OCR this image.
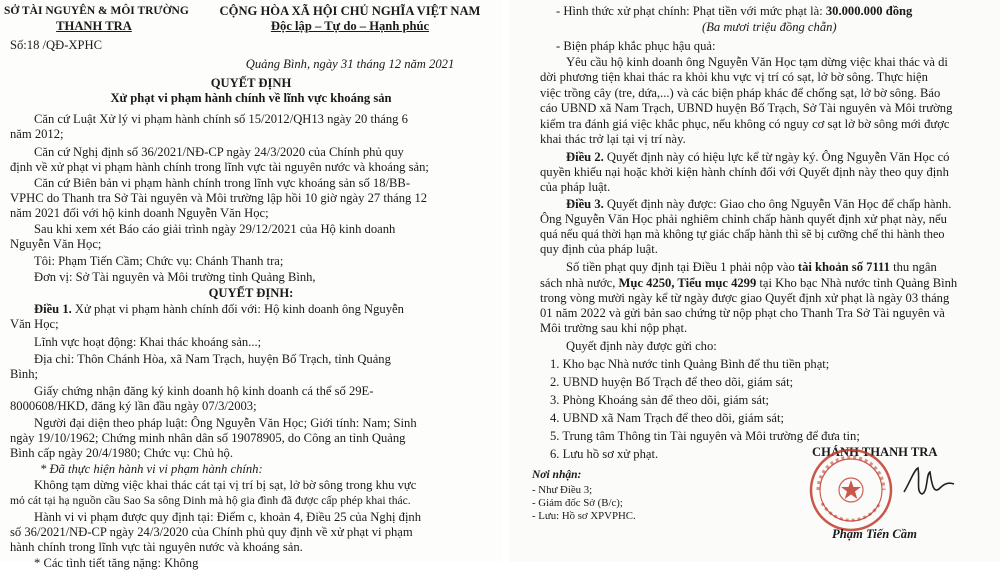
SỞ TÀI NGUYÊN & MÔI TRƯỜNG
THANH TRA
Số:18 /QĐ-XPHC
CỘNG HÒA XÃ HỘI CHỦ NGHĨA VIỆT NAM
Độc lập – Tự do – Hạnh phúc
Quảng Bình, ngày 31 tháng 12 năm 2021
QUYẾT ĐỊNH
Xử phạt vi phạm hành chính về lĩnh vực khoáng sản
Căn cứ Luật Xử lý vi phạm hành chính số 15/2012/QH13 ngày 20 tháng 6
năm 2012;
Căn cứ Nghị định số 36/2021/NĐ-CP ngày 24/3/2020 của Chính phủ quy
định về xử phạt vi phạm hành chính trong lĩnh vực tài nguyên nước và khoáng sản;
Căn cứ Biên bản vi phạm hành chính trong lĩnh vực khoáng sản số 18/BB-
VPHC do Thanh tra Sở Tài nguyên và Môi trường lập hồi 10 giờ ngày 27 tháng 12
năm 2021 đối với hộ kinh doanh Nguyễn Văn Học;
Sau khi xem xét Báo cáo giải trình ngày 29/12/2021 của Hộ kinh doanh
Nguyễn Văn Học;
Tôi: Phạm Tiến Cầm; Chức vụ: Chánh Thanh tra;
Đơn vị: Sở Tài nguyên và Môi trường tỉnh Quảng Bình,
QUYẾT ĐỊNH:
Điều 1. Xử phạt vi phạm hành chính đối với: Hộ kinh doanh ông Nguyễn
Văn Học;
Lĩnh vực hoạt động: Khai thác khoáng sản...;
Địa chỉ: Thôn Chánh Hòa, xã Nam Trạch, huyện Bố Trạch, tỉnh Quảng
Bình;
Giấy chứng nhận đăng ký kinh doanh hộ kinh doanh cá thể số 29E-
8000608/HKD, đăng ký lần đầu ngày 07/3/2003;
Người đại diện theo pháp luật: Ông Nguyễn Văn Học; Giới tính: Nam; Sinh
ngày 19/10/1962; Chứng minh nhân dân số 19078905, do Công an tỉnh Quảng
Bình cấp ngày 20/4/1980; Chức vụ: Chủ hộ.
* Đã thực hiện hành vi vi phạm hành chính:
Không tạm dừng việc khai thác cát tại vị trí bị sạt, lở bờ sông trong khu vực
mỏ cát tại hạ nguồn cầu Sao Sa sông Dinh mà hộ gia đình đã được cấp phép khai thác.
Hành vi vi phạm được quy định tại: Điểm c, khoản 4, Điều 25 của Nghị định
số 36/2021/NĐ-CP ngày 24/3/2020 của Chính phủ quy định về xử phạt vi phạm
hành chính trong lĩnh vực tài nguyên nước và khoáng sản.
* Các tình tiết tăng nặng: Không
- Hình thức xử phạt chính: Phạt tiền với mức phạt là: 30.000.000 đồng
(Ba mươi triệu đồng chẵn)
- Biện pháp khắc phục hậu quả:
Yêu cầu hộ kinh doanh ông Nguyễn Văn Học tạm dừng việc khai thác và di
dời phương tiện khai thác ra khỏi khu vực vị trí có sạt, lở bờ sông. Thực hiện
việc trồng cây (tre, dứa,...) và các biện pháp khác để chống sạt, lở bờ sông. Báo
cáo UBND xã Nam Trạch, UBND huyện Bố Trạch, Sở Tài nguyên và Môi trường
kiểm tra đánh giá việc khắc phục, nếu không có nguy cơ sạt lở bờ sông mới được
khai thác trở lại tại vị trí này.
Điều 2. Quyết định này có hiệu lực kể từ ngày ký. Ông Nguyễn Văn Học có
quyền khiếu nại hoặc khởi kiện hành chính đối với Quyết định này theo quy định
của pháp luật.
Điều 3. Quyết định này được: Giao cho ông Nguyễn Văn Học để chấp hành.
Ông Nguyễn Văn Học phải nghiêm chỉnh chấp hành quyết định xử phạt này, nếu
quá nếu quá thời hạn mà không tự giác chấp hành thì sẽ bị cưỡng chế thi hành theo
quy định của pháp luật.
Số tiền phạt quy định tại Điều 1 phải nộp vào tài khoản số 7111 thu ngân
sách nhà nước, Mục 4250, Tiểu mục 4299 tại Kho bạc Nhà nước tỉnh Quảng Bình
trong vòng mười ngày kể từ ngày được giao Quyết định xử phạt là ngày 03 tháng
01 năm 2022 và gửi bản sao chứng từ nộp phạt cho Thanh Tra Sở Tài nguyên và
Môi trường sau khi nộp phạt.
Quyết định này được gửi cho:
1. Kho bạc Nhà nước tỉnh Quảng Bình để thu tiền phạt;
2. UBND huyện Bố Trạch để theo dõi, giám sát;
3. Phòng Khoáng sản để theo dõi, giám sát;
4. UBND xã Nam Trạch để theo dõi, giám sát;
5. Trung tâm Thông tin Tài nguyên và Môi trường để đưa tin;
6. Lưu hồ sơ xử phạt.
Nơi nhận:
- Như Điều 3;
- Giám đốc Sở (B/c);
- Lưu: Hồ sơ XPVPHC.
CHÁNH THANH TRA
Phạm Tiến Cầm
